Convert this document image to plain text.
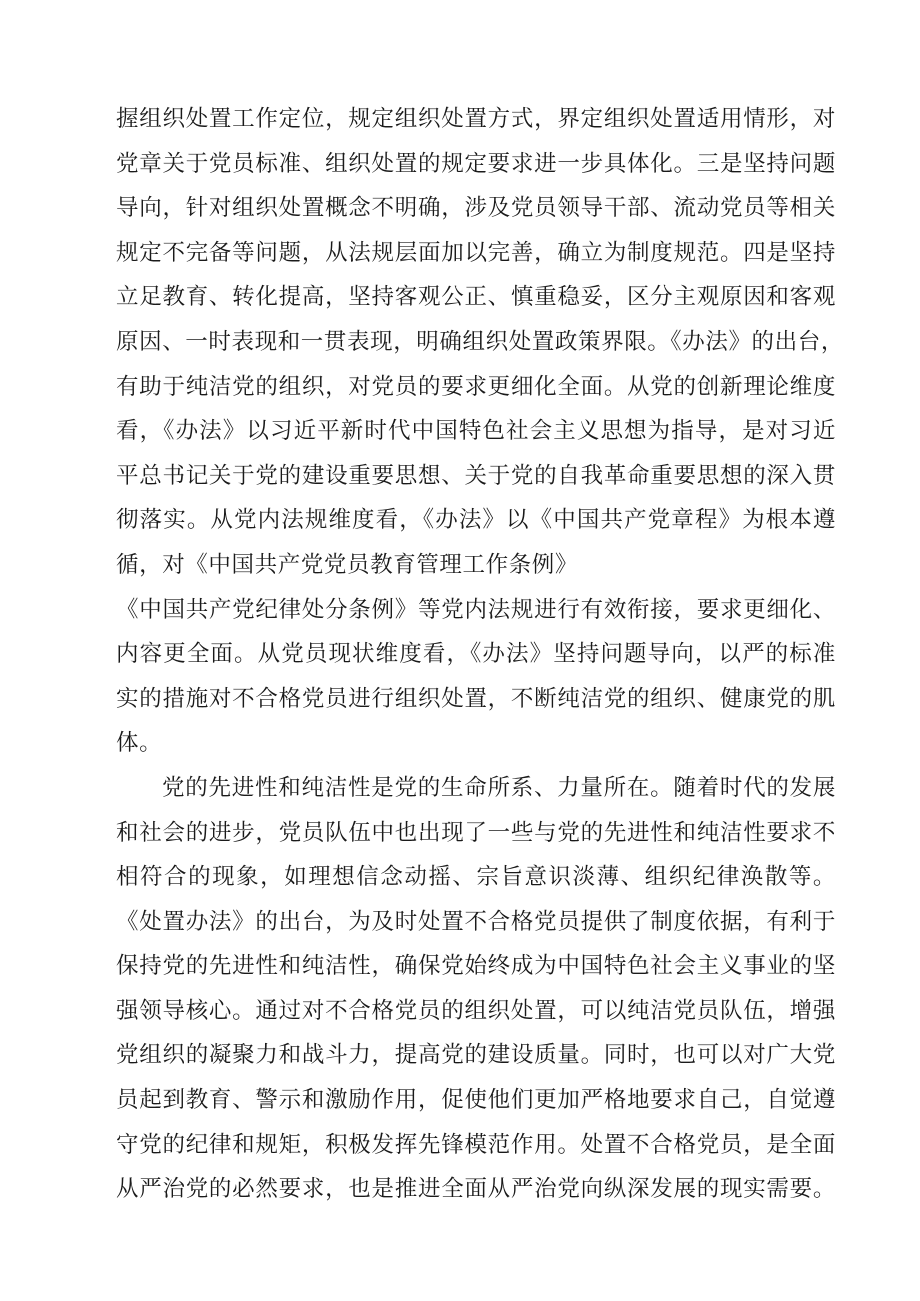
握组织处置工作定位，规定组织处置方式，界定组织处置适用情形，对
党章关于党员标准、组织处置的规定要求进一步具体化。三是坚持问题
导向，针对组织处置概念不明确，涉及党员领导干部、流动党员等相关
规定不完备等问题，从法规层面加以完善，确立为制度规范。四是坚持
立足教育、转化提高，坚持客观公正、慎重稳妥，区分主观原因和客观
原因、一时表现和一贯表现，明确组织处置政策界限。《办法》的出台，
有助于纯洁党的组织，对党员的要求更细化全面。从党的创新理论维度
看，《办法》以习近平新时代中国特色社会主义思想为指导，是对习近
平总书记关于党的建设重要思想、关于党的自我革命重要思想的深入贯
彻落实。从党内法规维度看，《办法》以《中国共产党章程》为根本遵
循，对《中国共产党党员教育管理工作条例》
《中国共产党纪律处分条例》等党内法规进行有效衔接，要求更细化、
内容更全面。从党员现状维度看，《办法》坚持问题导向，以严的标准
实的措施对不合格党员进行组织处置，不断纯洁党的组织、健康党的肌
体。
党的先进性和纯洁性是党的生命所系、力量所在。随着时代的发展
和社会的进步，党员队伍中也出现了一些与党的先进性和纯洁性要求不
相符合的现象，如理想信念动摇、宗旨意识淡薄、组织纪律涣散等。
《处置办法》的出台，为及时处置不合格党员提供了制度依据，有利于
保持党的先进性和纯洁性，确保党始终成为中国特色社会主义事业的坚
强领导核心。通过对不合格党员的组织处置，可以纯洁党员队伍，增强
党组织的凝聚力和战斗力，提高党的建设质量。同时，也可以对广大党
员起到教育、警示和激励作用，促使他们更加严格地要求自己，自觉遵
守党的纪律和规矩，积极发挥先锋模范作用。处置不合格党员，是全面
从严治党的必然要求，也是推进全面从严治党向纵深发展的现实需要。
